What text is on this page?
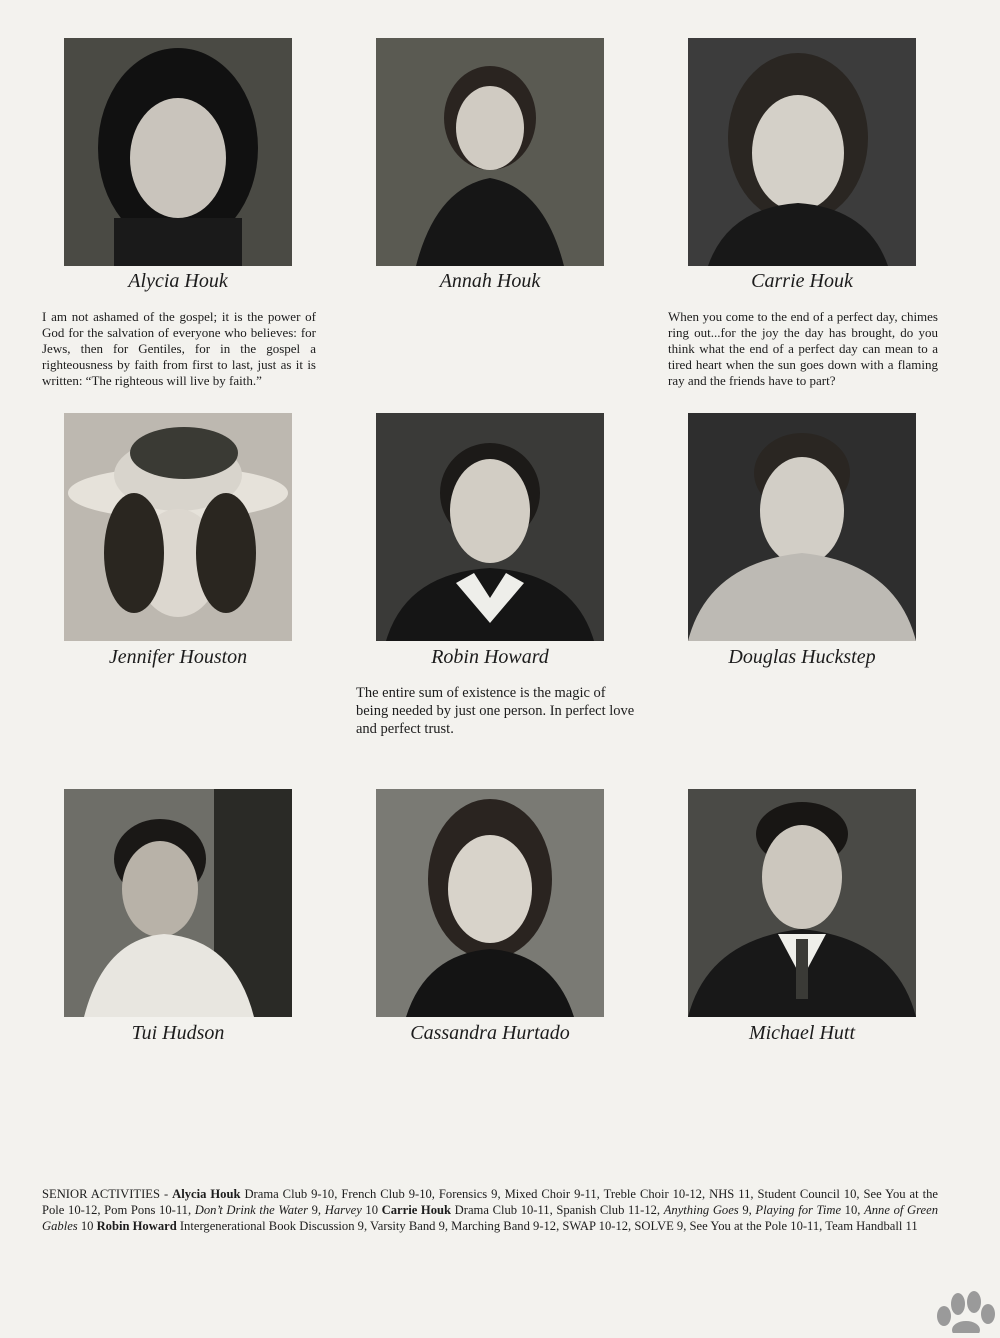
Alycia Houk	Annah Houk	Carrie Houk
I am not ashamed of the gospel; it is the power of God for the salvation of everyone who believes: for Jews, then for Gentiles, for in the gospel a righteousness by faith from first to last, just as it is written: “The righteous will live by faith.”
When you come to the end of a perfect day, chimes ring out...for the joy the day has brought, do you think what the end of a perfect day can mean to a tired heart when the sun goes down with a flaming ray and the friends have to part?
Jennifer Houston	Robin Howard	Douglas Huckstep
The entire sum of existence is the magic of being needed by just one person. In perfect love and perfect trust.
Tui Hudson	Cassandra Hurtado	Michael Hutt
SENIOR ACTIVITIES - Alycia Houk Drama Club 9-10, French Club 9-10, Forensics 9, Mixed Choir 9-11, Treble Choir 10-12, NHS 11, Student Council 10, See You at the Pole 10-12, Pom Pons 10-11, Don’t Drink the Water 9, Harvey 10 Carrie Houk Drama Club 10-11, Spanish Club 11-12, Anything Goes 9, Playing for Time 10, Anne of Green Gables 10 Robin Howard Intergenerational Book Discussion 9, Varsity Band 9, Marching Band 9-12, SWAP 10-12, SOLVE 9, See You at the Pole 10-11, Team Handball 11
